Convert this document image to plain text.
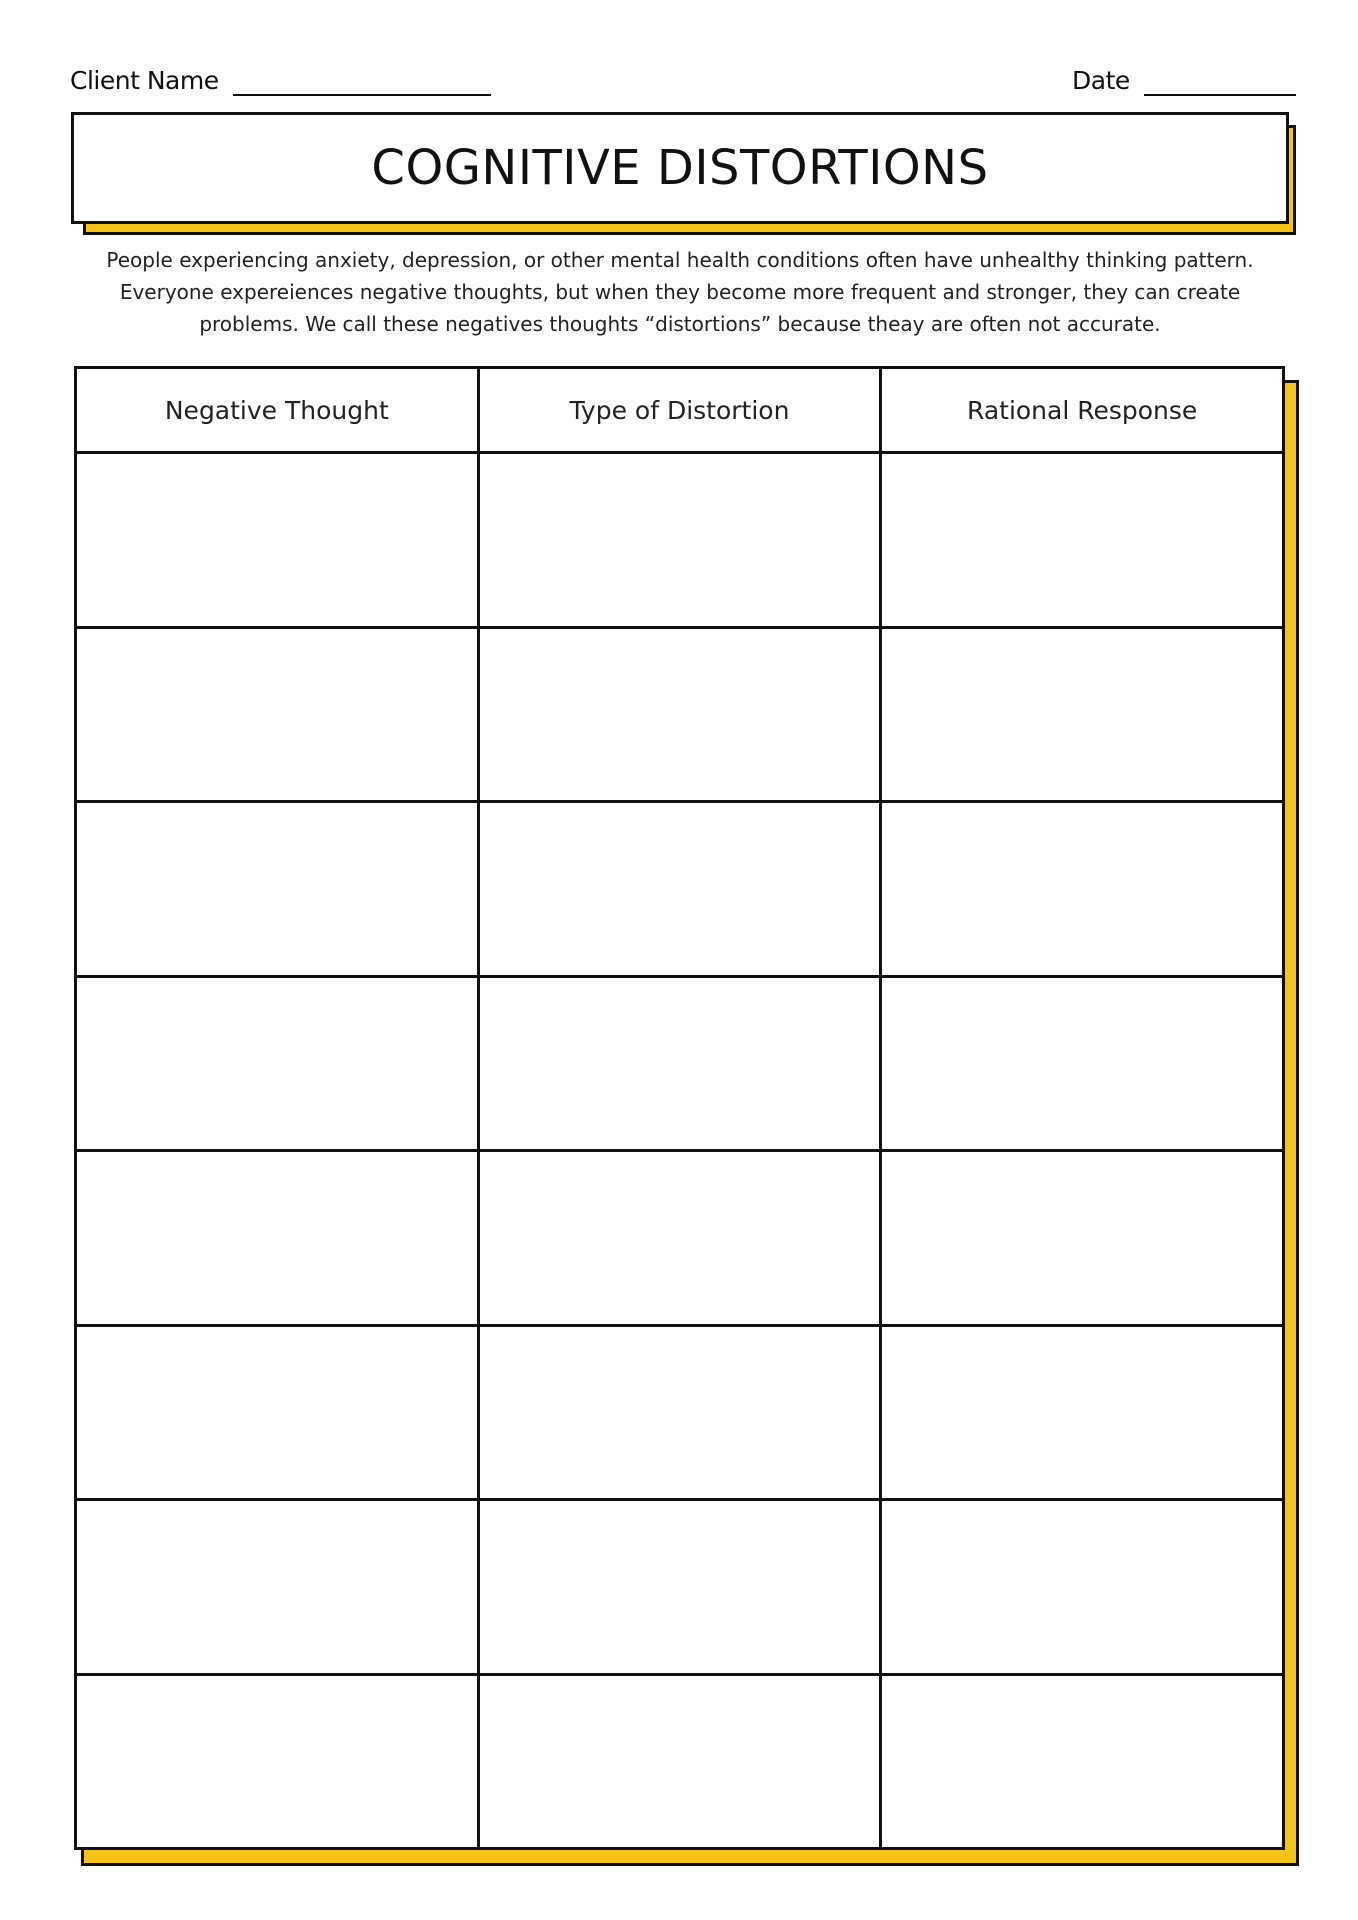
Client Name	Date
COGNITIVE DISTORTIONS

People experiencing anxiety, depression, or other mental health conditions often have unhealthy thinking pattern. Everyone expereiences negative thoughts, but when they become more frequent and stronger, they can create problems. We call these negatives thoughts “distortions” because theay are often not accurate.

Negative Thought	Type of Distortion	Rational Response
